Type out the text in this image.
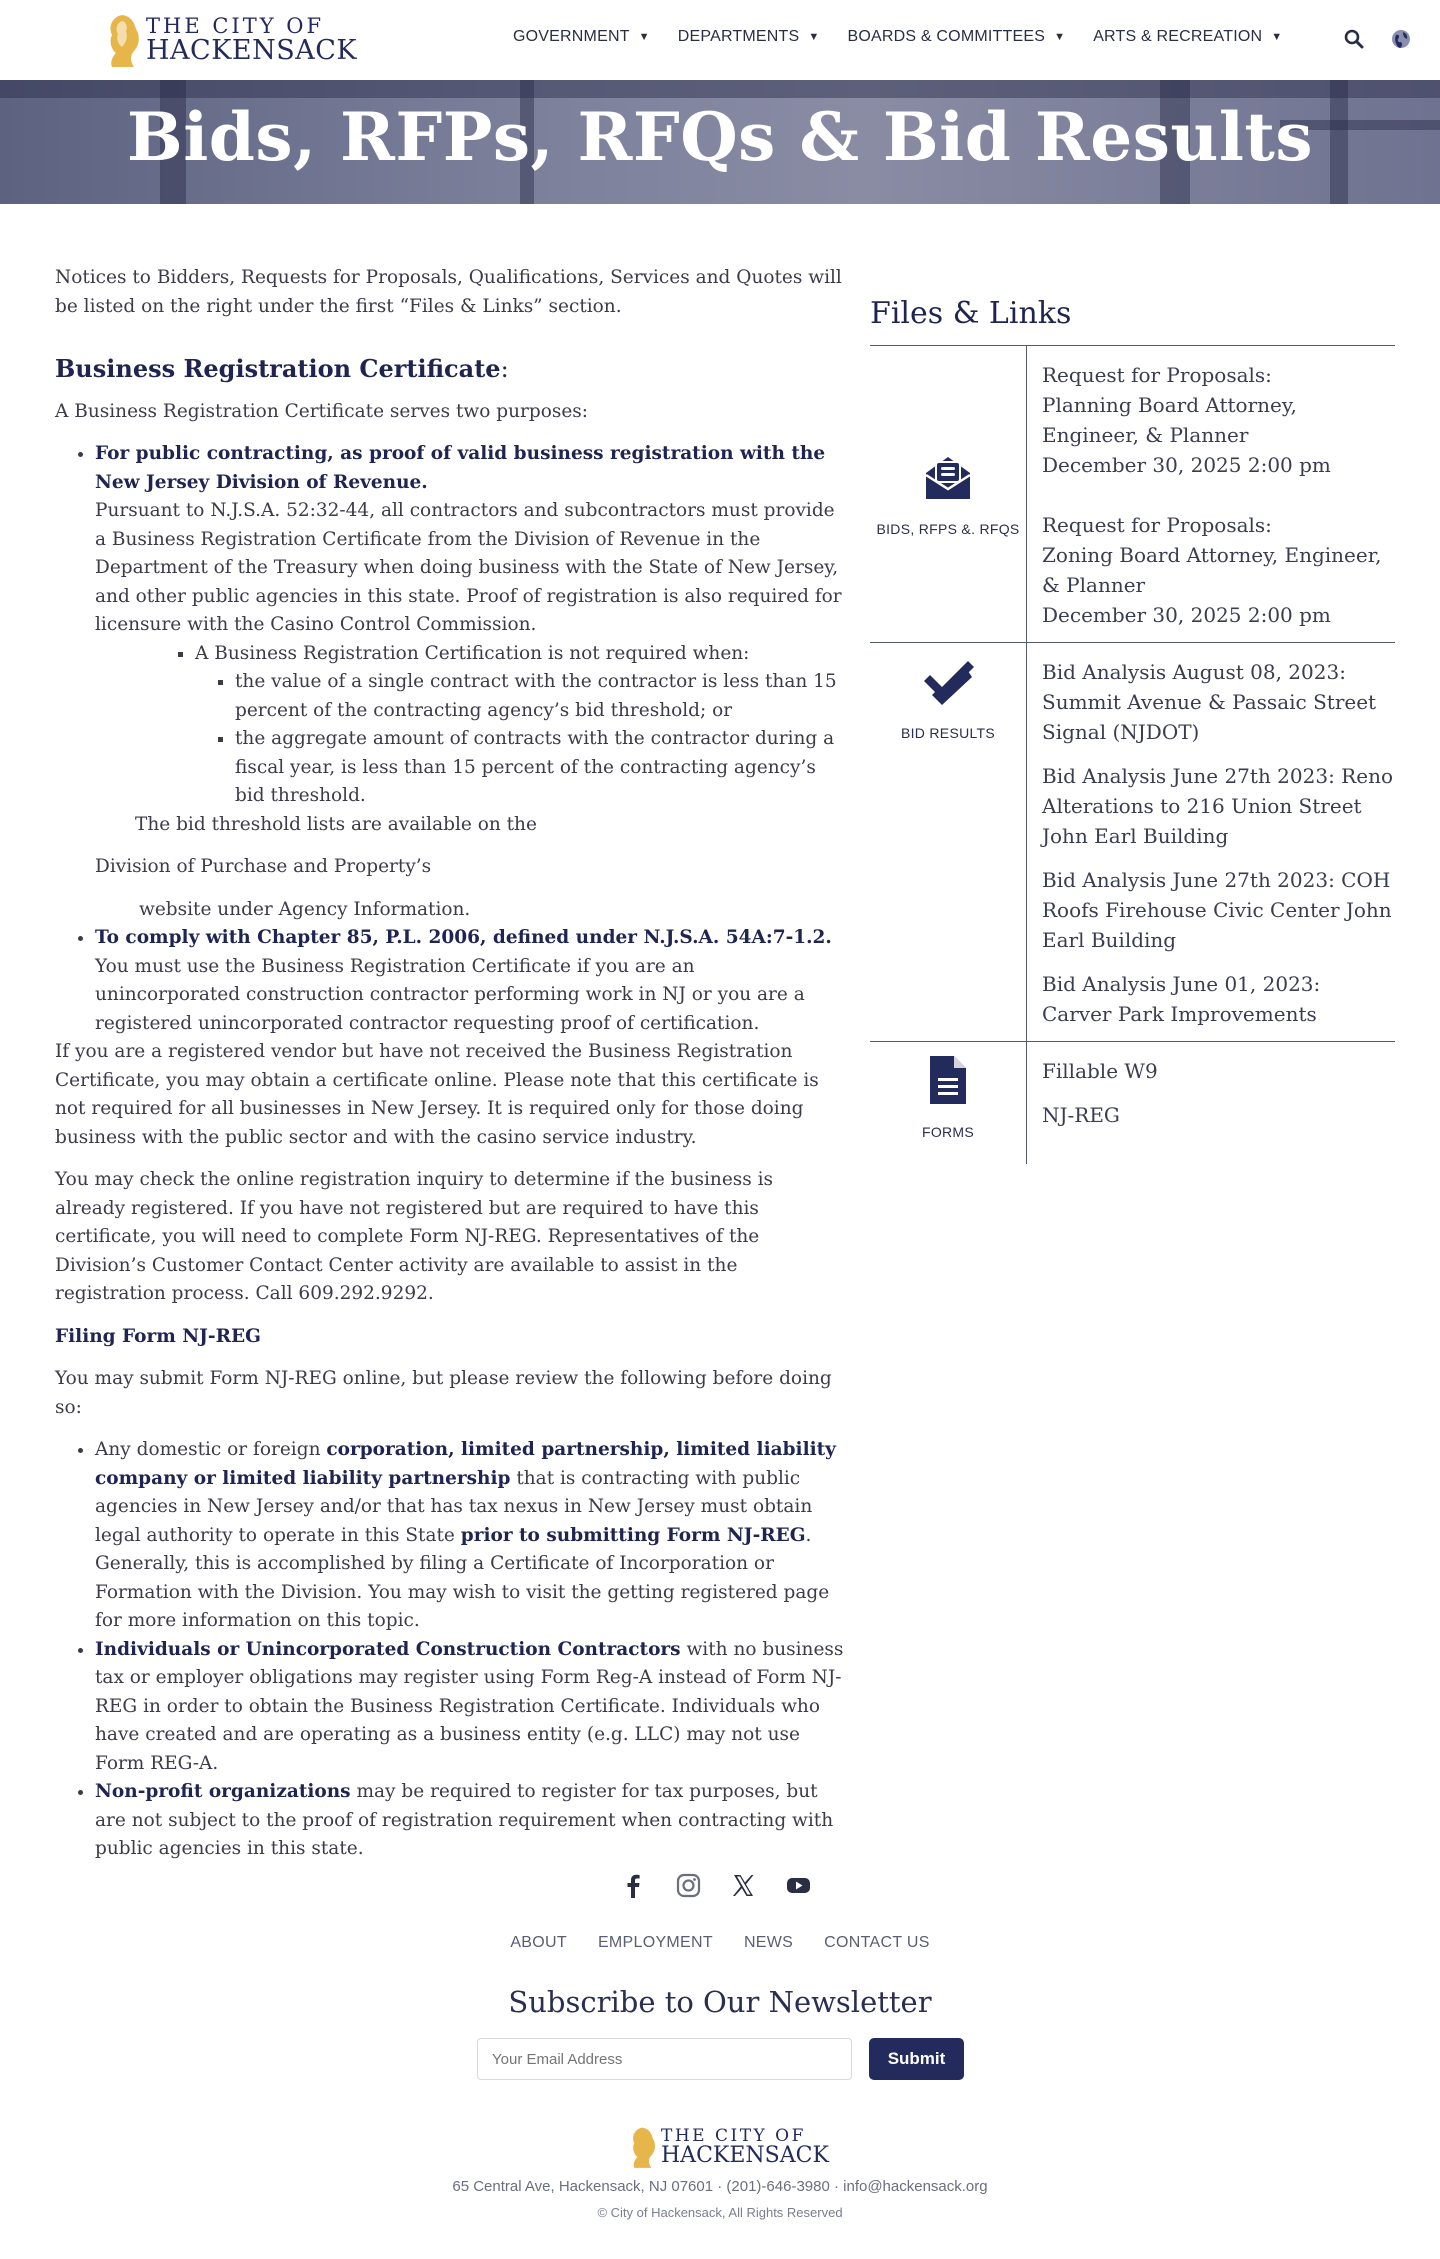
THE CITY OF
HACKENSACK	GOVERNMENT ▼ DEPARTMENTS ▼ BOARDS & COMMITTEES ▼ ARTS & RECREATION ▼
Bids, RFPs, RFQs & Bid Results

Notices to Bidders, Requests for Proposals, Qualifications, Services and Quotes will be listed on the right under the first “Files & Links” section.

Business Registration Certificate:

A Business Registration Certificate serves two purposes:

• For public contracting, as proof of valid business registration with the New Jersey Division of Revenue.
Pursuant to N.J.S.A. 52:32-44, all contractors and subcontractors must provide a Business Registration Certificate from the Division of Revenue in the Department of the Treasury when doing business with the State of New Jersey, and other public agencies in this state. Proof of registration is also required for licensure with the Casino Control Commission.
▪ A Business Registration Certification is not required when:
▪ the value of a single contract with the contractor is less than 15 percent of the contracting agency’s bid threshold; or
▪ the aggregate amount of contracts with the contractor during a fiscal year, is less than 15 percent of the contracting agency’s bid threshold.
The bid threshold lists are available on the
Division of Purchase and Property’s
website under Agency Information.
• To comply with Chapter 85, P.L. 2006, defined under N.J.S.A. 54A:7-1.2.
You must use the Business Registration Certificate if you are an unincorporated construction contractor performing work in NJ or you are a registered unincorporated contractor requesting proof of certification.

If you are a registered vendor but have not received the Business Registration Certificate, you may obtain a certificate online. Please note that this certificate is not required for all businesses in New Jersey. It is required only for those doing business with the public sector and with the casino service industry.

You may check the online registration inquiry to determine if the business is already registered. If you have not registered but are required to have this certificate, you will need to complete Form NJ-REG. Representatives of the Division’s Customer Contact Center activity are available to assist in the registration process. Call 609.292.9292.

Filing Form NJ-REG

You may submit Form NJ-REG online, but please review the following before doing so:

• Any domestic or foreign corporation, limited partnership, limited liability company or limited liability partnership that is contracting with public agencies in New Jersey and/or that has tax nexus in New Jersey must obtain legal authority to operate in this State prior to submitting Form NJ-REG. Generally, this is accomplished by filing a Certificate of Incorporation or Formation with the Division. You may wish to visit the getting registered page for more information on this topic.
• Individuals or Unincorporated Construction Contractors with no business tax or employer obligations may register using Form Reg-A instead of Form NJ-REG in order to obtain the Business Registration Certificate. Individuals who have created and are operating as a business entity (e.g. LLC) may not use Form REG-A.
• Non-profit organizations may be required to register for tax purposes, but are not subject to the proof of registration requirement when contracting with public agencies in this state.
Files & Links
BIDS, RFPS &. RFQS
Request for Proposals:
Planning Board Attorney, Engineer, & Planner
December 30, 2025 2:00 pm
Request for Proposals:
Zoning Board Attorney, Engineer, & Planner
December 30, 2025 2:00 pm
BID RESULTS
Bid Analysis August 08, 2023: Summit Avenue & Passaic Street Signal (NJDOT)
Bid Analysis June 27th 2023: Reno Alterations to 216 Union Street John Earl Building
Bid Analysis June 27th 2023: COH Roofs Firehouse Civic Center John Earl Building
Bid Analysis June 01, 2023: Carver Park Improvements
FORMS
Fillable W9
NJ-REG
ABOUT EMPLOYMENT NEWS CONTACT US
Subscribe to Our Newsletter
Your Email Address
Submit
THE CITY OF
HACKENSACK
65 Central Ave, Hackensack, NJ 07601 · (201)-646-3980 · info@hackensack.org
© City of Hackensack, All Rights Reserved
